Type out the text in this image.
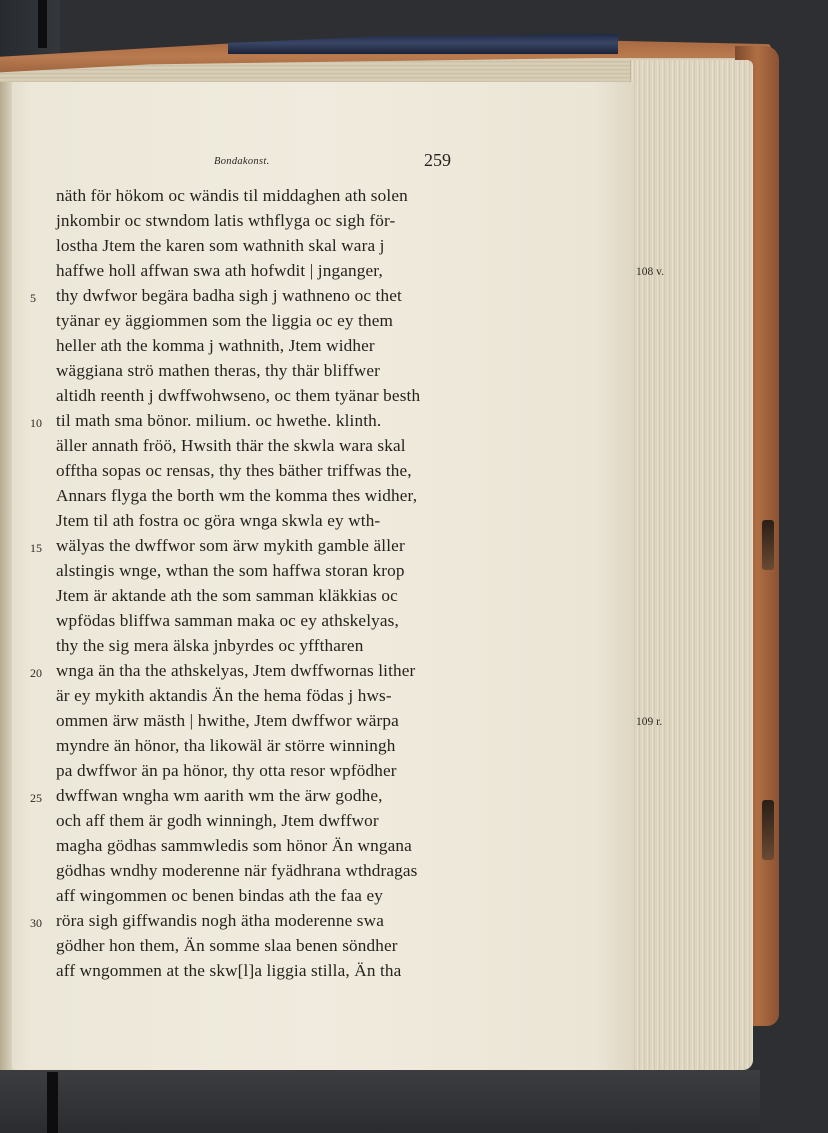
Bondakonst.	259
näth för hökom oc wändis til middaghen ath solen
jnkombir oc stwndom latis wthflyga oc sigh för-
lostha Jtem the karen som wathnith skal wara j
haffwe holl affwan swa ath hofwdit | jnganger,
thy dwfwor begära badha sigh j wathneno oc thet
tyänar ey äggiommen som the liggia oc ey them
heller ath the komma j wathnith, Jtem widher
wäggiana strö mathen theras, thy thär bliffwer
altidh reenth j dwffwohwseno, oc them tyänar besth
til math sma bönor. milium. oc hwethe. klinth.
äller annath fröö, Hwsith thär the skwla wara skal
offtha sopas oc rensas, thy thes bäther triffwas the,
Annars flyga the borth wm the komma thes widher,
Jtem til ath fostra oc göra wnga skwla ey wth-
wälyas the dwffwor som ärw mykith gamble äller
alstingis wnge, wthan the som haffwa storan krop
Jtem är aktande ath the som samman kläkkias oc
wpfödas bliffwa samman maka oc ey athskelyas,
thy the sig mera älska jnbyrdes oc yfftharen
wnga än tha the athskelyas, Jtem dwffwornas lither
är ey mykith aktandis Än the hema födas j hws-
ommen ärw mästh | hwithe, Jtem dwffwor wärpa
myndre än hönor, tha likowäl är större winningh
pa dwffwor än pa hönor, thy otta resor wpfödher
dwffwan wngha wm aarith wm the ärw godhe,
och aff them är godh winningh, Jtem dwffwor
magha gödhas sammwledis som hönor Än wngana
gödhas wndhy moderenne när fyädhrana wthdragas
aff wingommen oc benen bindas ath the faa ey
röra sigh giffwandis nogh ätha moderenne swa
gödher hon them, Än somme slaa benen söndher
aff wngommen at the skw[l]a liggia stilla, Än tha
5
10
15
20
25
30
108 v.
109 r.
